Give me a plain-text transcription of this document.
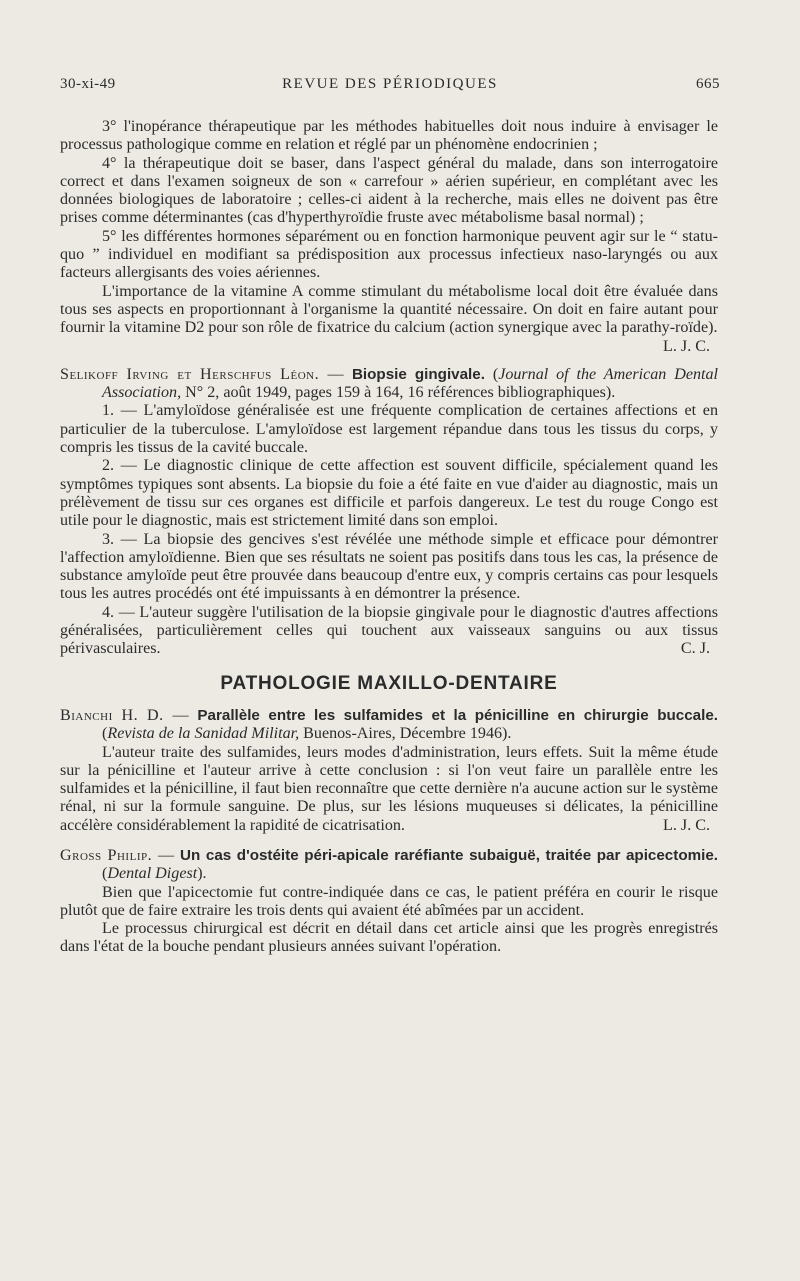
30-xi-49	REVUE DES PÉRIODIQUES	665

3° l'inopérance thérapeutique par les méthodes habituelles doit nous induire à envisager le processus pathologique comme en relation et réglé par un phénomène endocrinien ;

4° la thérapeutique doit se baser, dans l'aspect général du malade, dans son interrogatoire correct et dans l'examen soigneux de son « carrefour » aérien supérieur, en complétant avec les données biologiques de laboratoire ; celles-ci aident à la recherche, mais elles ne doivent pas être prises comme déterminantes (cas d'hyperthyroïdie fruste avec métabolisme basal normal) ;

5° les différentes hormones séparément ou en fonction harmonique peuvent agir sur le “ statu-quo ” individuel en modifiant sa prédisposition aux processus infectieux naso-laryngés ou aux facteurs allergisants des voies aériennes.

L'importance de la vitamine A comme stimulant du métabolisme local doit être évaluée dans tous ses aspects en proportionnant à l'organisme la quantité nécessaire. On doit en faire autant pour fournir la vitamine D2 pour son rôle de fixatrice du calcium (action synergique avec la parathy-roïde).

L. J. C.
Selikoff Irving et Herschfus Léon. — Biopsie gingivale. (Journal of the American Dental Association, N° 2, août 1949, pages 159 à 164, 16 références bibliographiques).

1. — L'amyloïdose généralisée est une fréquente complication de certaines affections et en particulier de la tuberculose. L'amyloïdose est largement répandue dans tous les tissus du corps, y compris les tissus de la cavité buccale.

2. — Le diagnostic clinique de cette affection est souvent difficile, spécialement quand les symptômes typiques sont absents. La biopsie du foie a été faite en vue d'aider au diagnostic, mais un prélèvement de tissu sur ces organes est difficile et parfois dangereux. Le test du rouge Congo est utile pour le diagnostic, mais est strictement limité dans son emploi.

3. — La biopsie des gencives s'est révélée une méthode simple et efficace pour démontrer l'affection amyloïdienne. Bien que ses résultats ne soient pas positifs dans tous les cas, la présence de substance amyloïde peut être prouvée dans beaucoup d'entre eux, y compris certains cas pour lesquels tous les autres procédés ont été impuissants à en démontrer la présence.

4. — L'auteur suggère l'utilisation de la biopsie gingivale pour le diagnostic d'autres affections généralisées, particulièrement celles qui touchent aux vaisseaux sanguins ou aux tissus périvasculaires.	C. J.

PATHOLOGIE MAXILLO-DENTAIRE
Bianchi H. D. — Parallèle entre les sulfamides et la pénicilline en chirurgie buccale. (Revista de la Sanidad Militar, Buenos-Aires, Décembre 1946).

L'auteur traite des sulfamides, leurs modes d'administration, leurs effets. Suit la même étude sur la pénicilline et l'auteur arrive à cette conclusion : si l'on veut faire un parallèle entre les sulfamides et la pénicilline, il faut bien reconnaître que cette dernière n'a aucune action sur le système rénal, ni sur la formule sanguine. De plus, sur les lésions muqueuses si délicates, la pénicilline accélère considérablement la rapidité de cicatrisation.	L. J. C.

Gross Philip. — Un cas d'ostéite péri-apicale raréfiante subaiguë, traitée par apicectomie. (Dental Digest).

Bien que l'apicectomie fut contre-indiquée dans ce cas, le patient préféra en courir le risque plutôt que de faire extraire les trois dents qui avaient été abîmées par un accident.

Le processus chirurgical est décrit en détail dans cet article ainsi que les progrès enregistrés dans l'état de la bouche pendant plusieurs années suivant l'opération.
